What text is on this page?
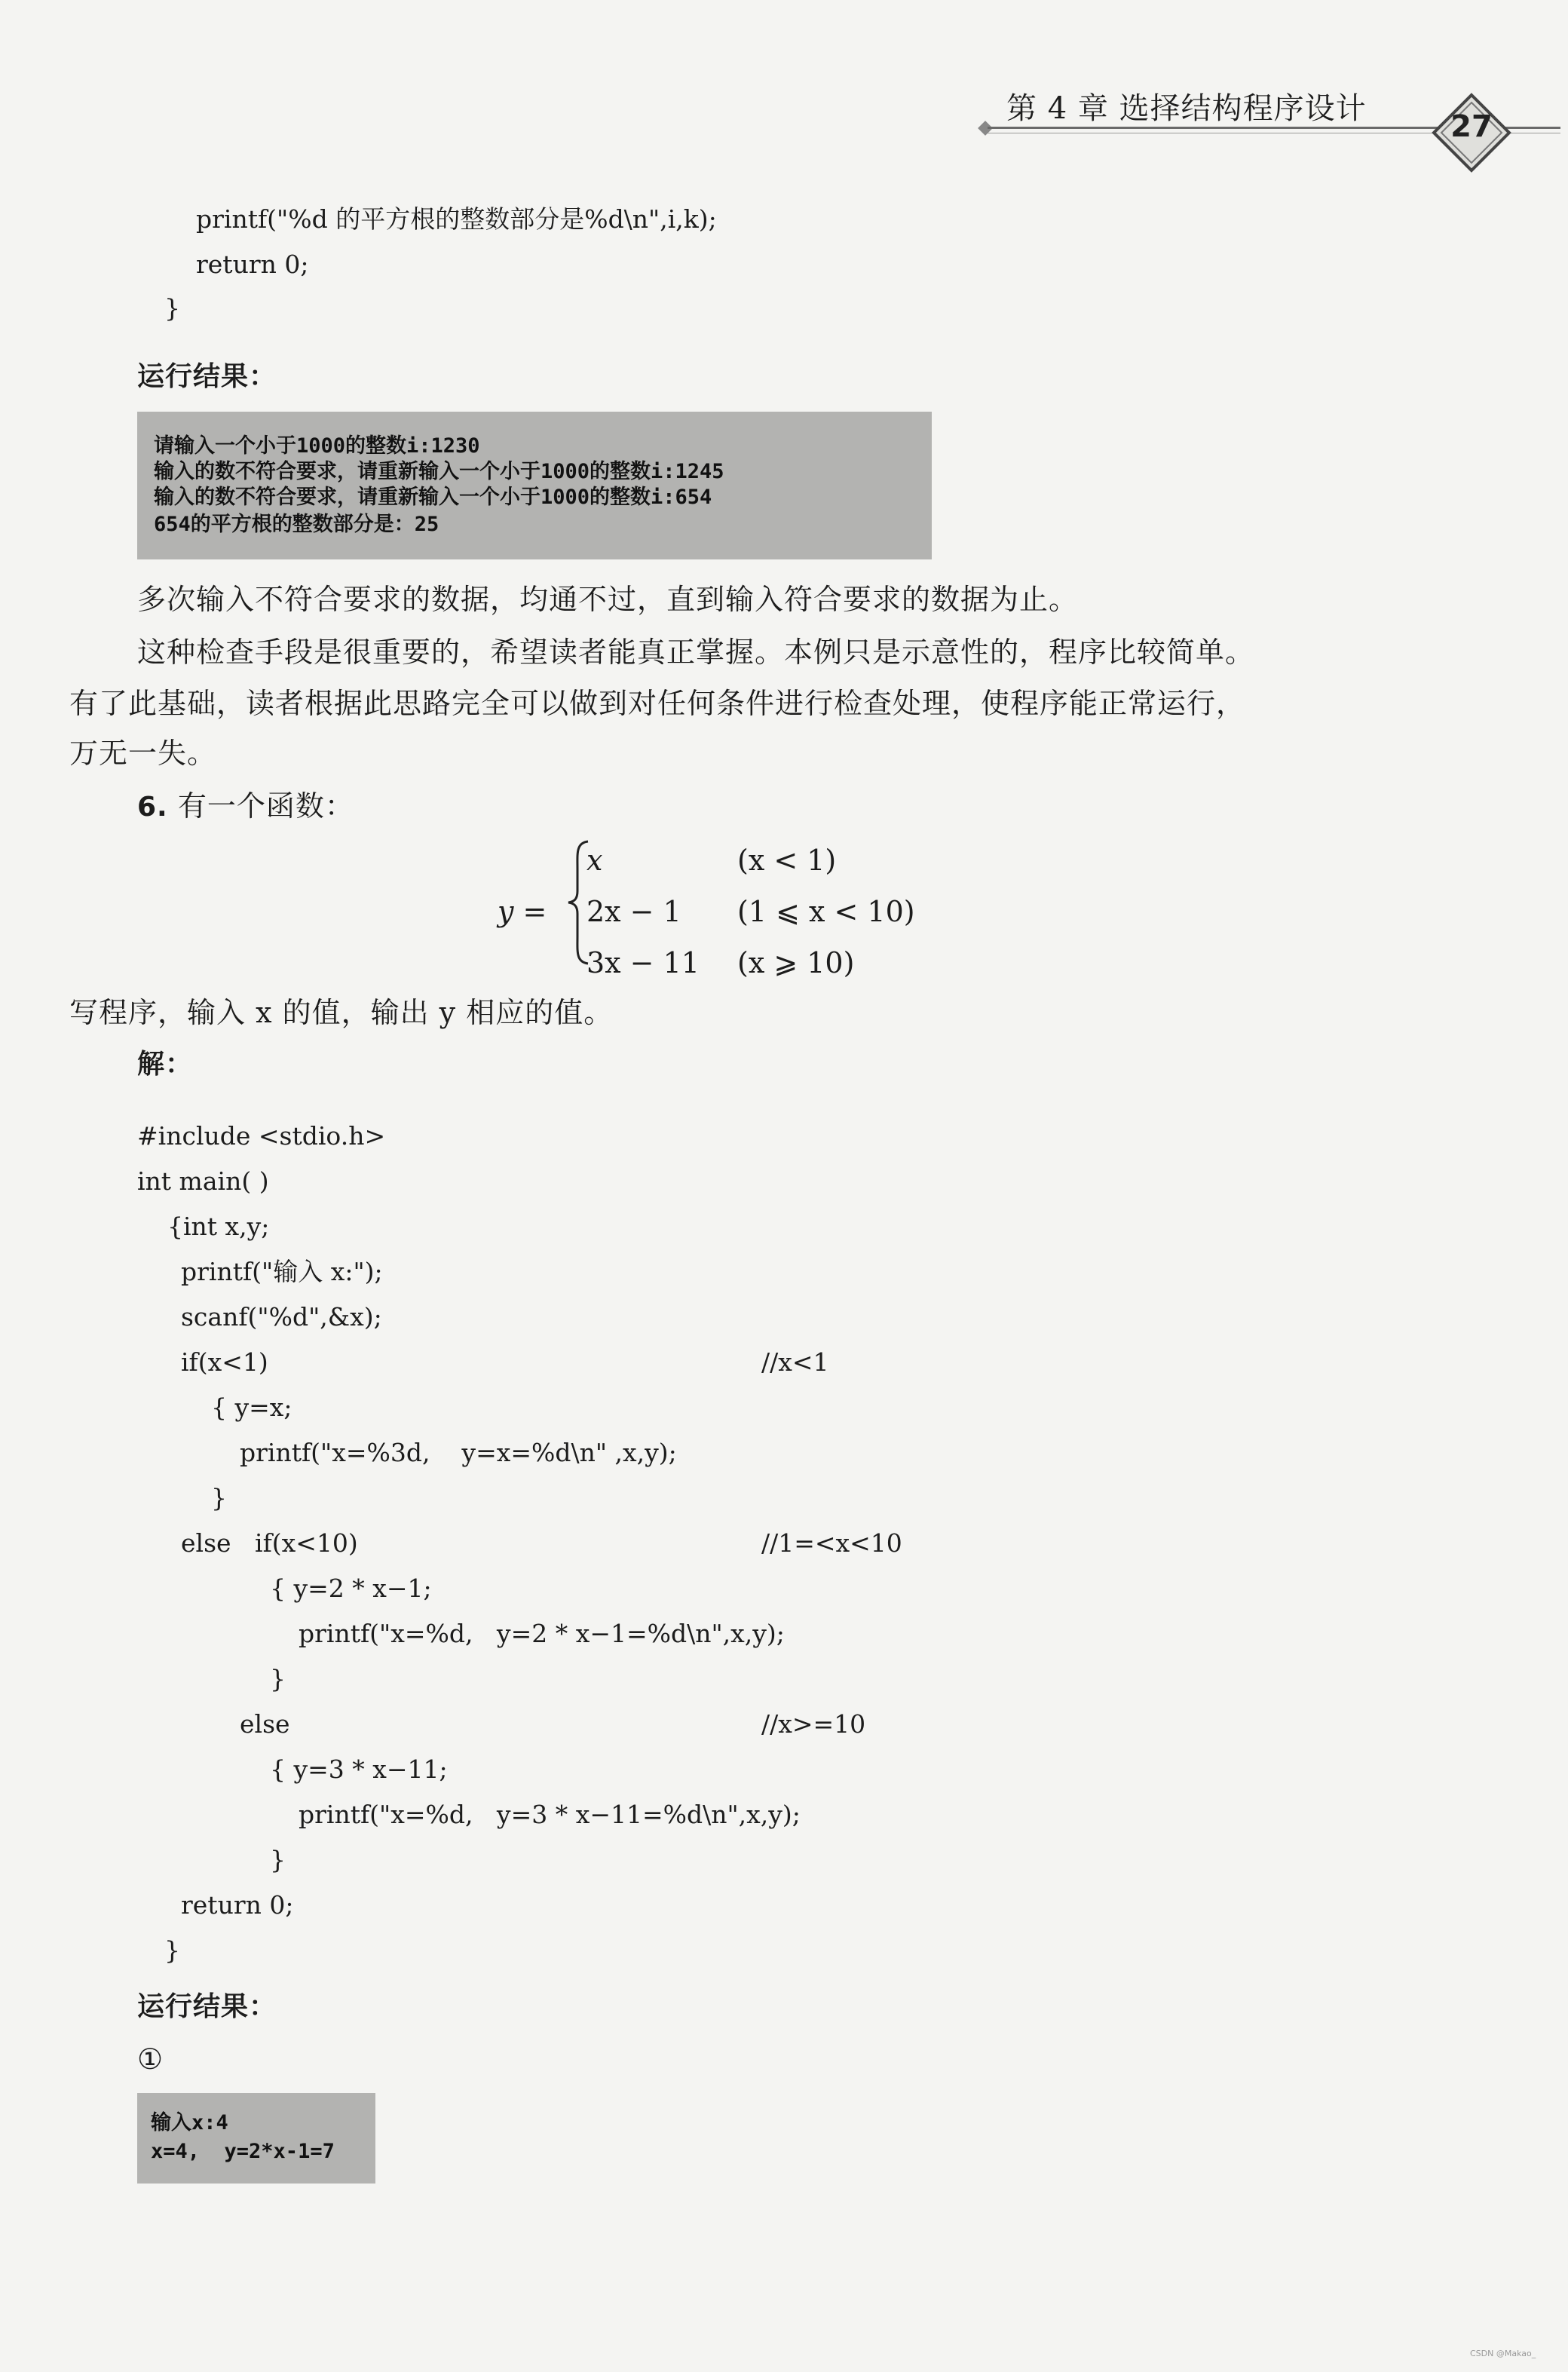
第 4 章 选择结构程序设计
27
printf("%d 的平方根的整数部分是%d\n",i,k);
return 0;
}
运行结果：
请输入一个小于1000的整数i:1230
输入的数不符合要求，请重新输入一个小于1000的整数i:1245
输入的数不符合要求，请重新输入一个小于1000的整数i:654
654的平方根的整数部分是：25
多次输入不符合要求的数据，均通不过，直到输入符合要求的数据为止。
这种检查手段是很重要的，希望读者能真正掌握。本例只是示意性的，程序比较简单。
有了此基础，读者根据此思路完全可以做到对任何条件进行检查处理，使程序能正常运行，
万无一失。
6. 有一个函数：
y =
x	(x < 1)
2x − 1 (1 ⩽ x < 10)
3x − 11 (x ⩾ 10)
写程序，输入 x 的值，输出 y 相应的值。
解：
#include <stdio.h>
int main( )
{int x,y;
printf("输入 x:");
scanf("%d",&x);
if(x<1)
{ y=x;
printf("x=%3d,    y=x=%d\n" ,x,y);
}
else   if(x<10)
{ y=2 * x−1;
printf("x=%d,   y=2 * x−1=%d\n",x,y);
}
else
{ y=3 * x−11;
printf("x=%d,   y=3 * x−11=%d\n",x,y);
}
return 0;
}
//x<1
//1=<x<10
//x>=10
运行结果：
①
输入x:4
x=4,  y=2*x-1=7
CSDN @Makao_
